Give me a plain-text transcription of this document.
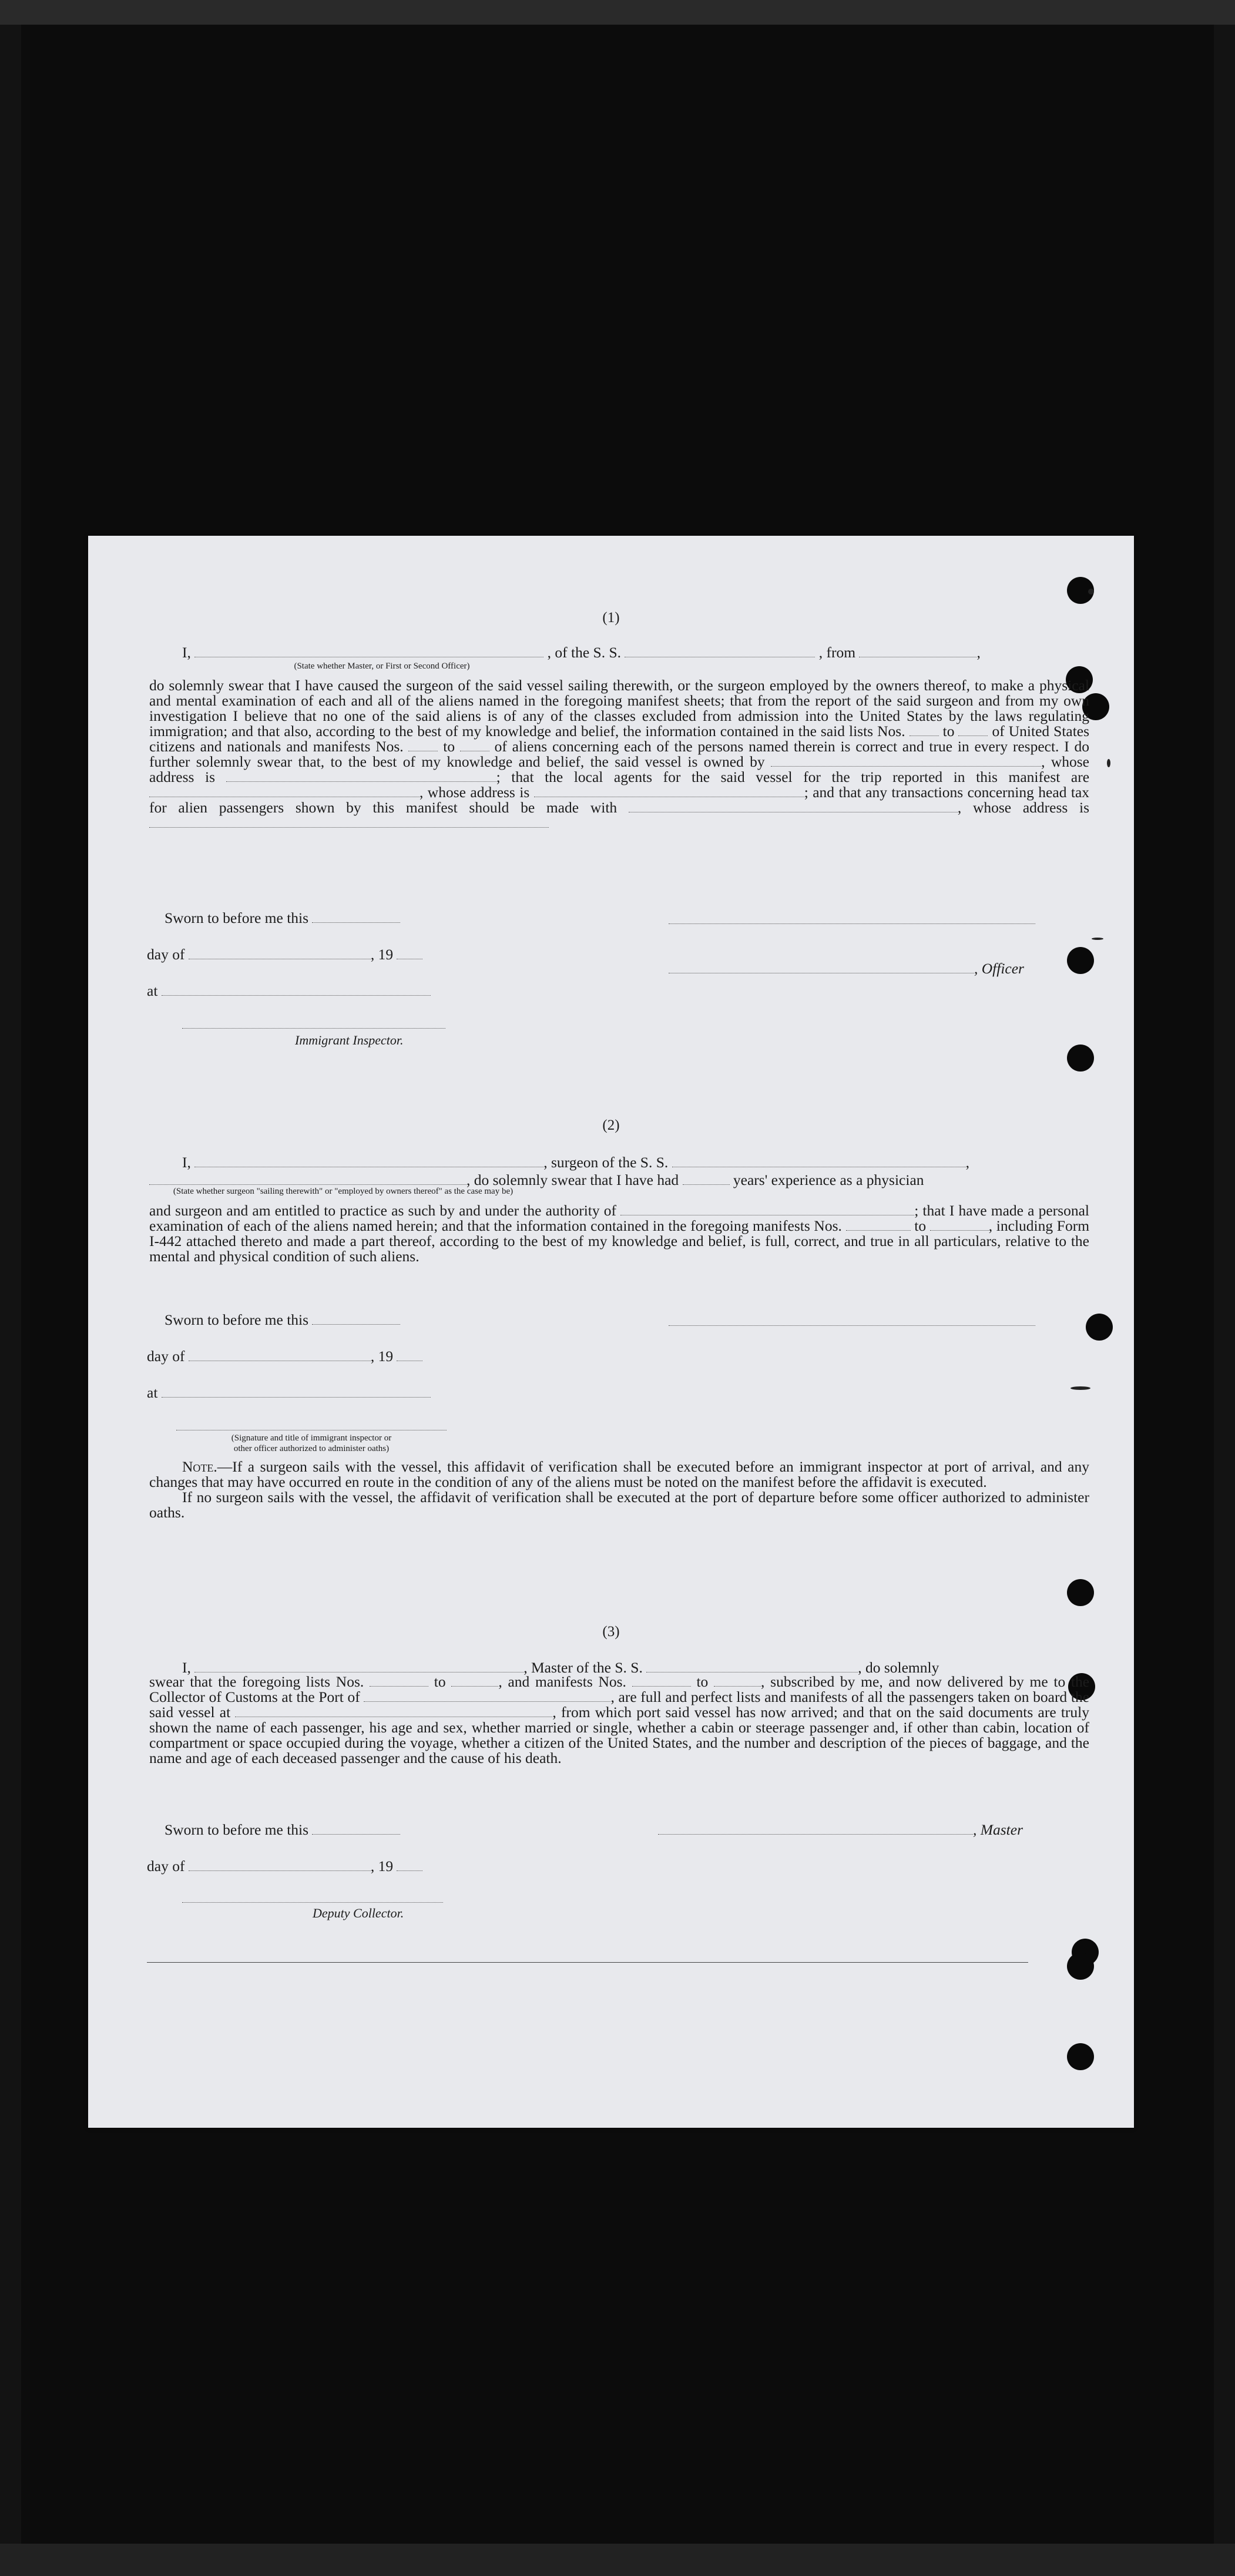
(1)
I,	, of the S. S.	, from	,
(State whether Master, or First or Second Officer)

do solemnly swear that I have caused the surgeon of the said vessel sailing therewith, or the surgeon employed by the owners thereof, to make a physical and mental examination of each and all of the aliens named in the foregoing manifest sheets; that from the report of the said surgeon and from my own investigation I believe that no one of the said aliens is of any of the classes excluded from admission into the United States by the laws regulating immigration; and that also, according to the best of my knowledge and belief, the information contained in the said lists Nos.	to	of United States citizens and nationals and manifests Nos.	to	of aliens concerning each of the persons named therein is correct and true in every respect. I do further solemnly swear that, to the best of my knowledge and belief, the said vessel is owned by	, whose address is	; that the local agents for the said vessel for the trip reported in this manifest are , whose address is	; and that any transactions concerning head tax for alien passengers shown by this manifest should be made with	, whose address is

Sworn to before me this
day of	, 19
, Officer
at
Immigrant Inspector.
(2)
I,	, surgeon of the S. S.	,
, do solemnly swear that I have had	years' experience as a physician
(State whether surgeon "sailing therewith" or "employed by owners thereof" as the case may be)

and surgeon and am entitled to practice as such by and under the authority of	; that I have made a personal examination of each of the aliens named herein; and that the information contained in the foregoing manifests Nos.	to	, including Form I-442 attached thereto and made a part thereof, according to the best of my knowledge and belief, is full, correct, and true in all particulars, relative to the mental and physical condition of such aliens.

Sworn to before me this
day of	, 19
at
(Signature and title of immigrant inspector or
other officer authorized to administer oaths)

Note.—If a surgeon sails with the vessel, this affidavit of verification shall be executed before an immigrant inspector at port of arrival, and any changes that may have occurred en route in the condition of any of the aliens must be noted on the manifest before the affidavit is executed.

If no surgeon sails with the vessel, the affidavit of verification shall be executed at the port of departure before some officer authorized to administer oaths.

(3)
I,	, Master of the S. S.	, do solemnly

swear that the foregoing lists Nos.	to	, and manifests Nos.	to	, subscribed by me, and now delivered by me to the Collector of Customs at the Port of	, are full and perfect lists and manifests of all the passengers taken on board the said vessel at	, from which port said vessel has now arrived; and that on the said documents are truly shown the name of each passenger, his age and sex, whether married or single, whether a cabin or steerage passenger and, if other than cabin, location of compartment or space occupied during the voyage, whether a citizen of the United States, and the number and description of the pieces of baggage, and the name and age of each deceased passenger and the cause of his death.

Sworn to before me this	, Master
day of	, 19
Deputy Collector.
